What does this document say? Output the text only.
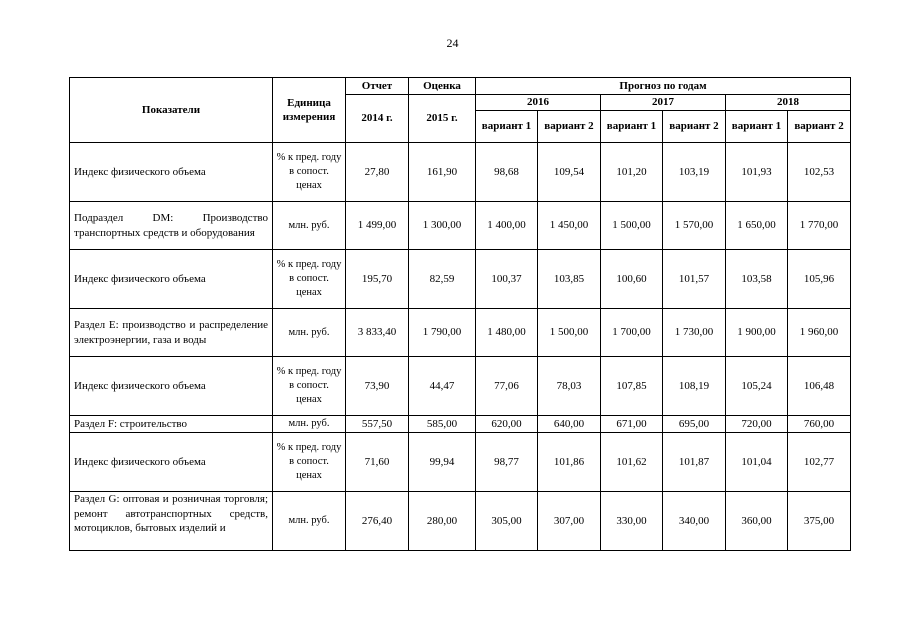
24
Показатели	Единица измерения	Отчет	Оценка	Прогноз по годам					
		2014 г.	2015 г.	2016		2017		2018	
				вариант 1	вариант 2	вариант 1	вариант 2	вариант 1	вариант 2
Индекс физического объема	% к пред. году в сопост. ценах	27,80	161,90	98,68	109,54	101,20	103,19	101,93	102,53
Подраздел DM: Производство транспортных средств и оборудования	млн. руб.	1 499,00	1 300,00	1 400,00	1 450,00	1 500,00	1 570,00	1 650,00	1 770,00
Индекс физического объема	% к пред. году в сопост. ценах	195,70	82,59	100,37	103,85	100,60	101,57	103,58	105,96
Раздел E: производство и распределение электроэнергии, газа и воды	млн. руб.	3 833,40	1 790,00	1 480,00	1 500,00	1 700,00	1 730,00	1 900,00	1 960,00
Индекс физического объема	% к пред. году в сопост. ценах	73,90	44,47	77,06	78,03	107,85	108,19	105,24	106,48
Раздел F: строительство	млн. руб.	557,50	585,00	620,00	640,00	671,00	695,00	720,00	760,00
Индекс физического объема	% к пред. году в сопост. ценах	71,60	99,94	98,77	101,86	101,62	101,87	101,04	102,77
Раздел G: оптовая и розничная торговля; ремонт автотранспортных средств, мотоциклов, бытовых изделий и	млн. руб.	276,40	280,00	305,00	307,00	330,00	340,00	360,00	375,00
